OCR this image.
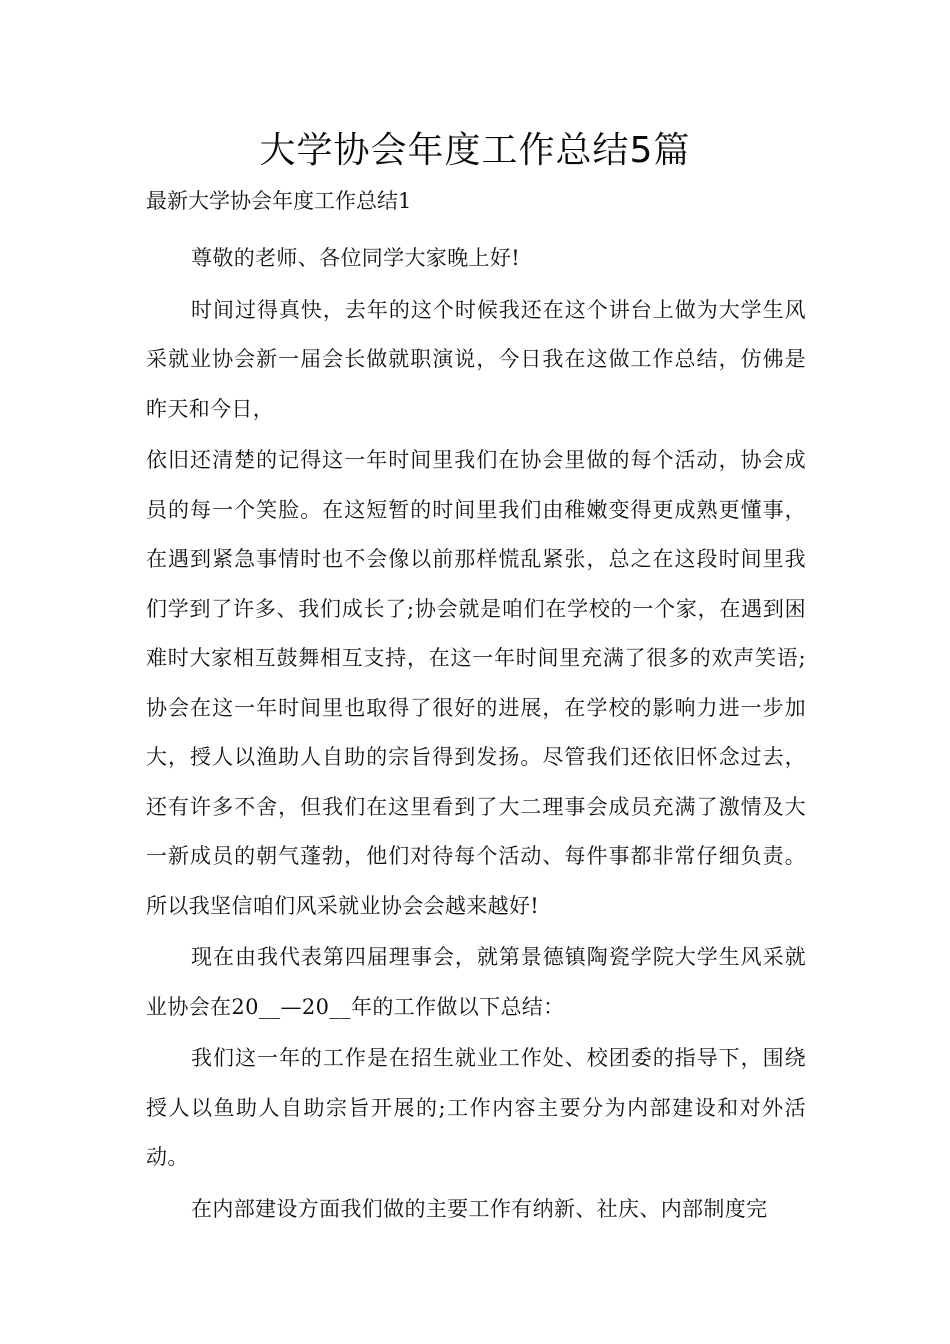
大学协会年度工作总结5篇

最新大学协会年度工作总结1

尊敬的老师、各位同学大家晚上好!

时间过得真快，去年的这个时候我还在这个讲台上做为大学生风采就业协会新一届会长做就职演说，今日我在这做工作总结，仿佛是昨天和今日，

依旧还清楚的记得这一年时间里我们在协会里做的每个活动，协会成员的每一个笑脸。在这短暂的时间里我们由稚嫩变得更成熟更懂事，在遇到紧急事情时也不会像以前那样慌乱紧张，总之在这段时间里我们学到了许多、我们成长了;协会就是咱们在学校的一个家，在遇到困难时大家相互鼓舞相互支持，在这一年时间里充满了很多的欢声笑语;协会在这一年时间里也取得了很好的进展，在学校的影响力进一步加大，授人以渔助人自助的宗旨得到发扬。尽管我们还依旧怀念过去，还有许多不舍，但我们在这里看到了大二理事会成员充满了激情及大一新成员的朝气蓬勃，他们对待每个活动、每件事都非常仔细负责。所以我坚信咱们风采就业协会会越来越好!

现在由我代表第四届理事会，就第景德镇陶瓷学院大学生风采就业协会在20__—20__年的工作做以下总结：

我们这一年的工作是在招生就业工作处、校团委的指导下，围绕授人以鱼助人自助宗旨开展的;工作内容主要分为内部建设和对外活动。

在内部建设方面我们做的主要工作有纳新、社庆、内部制度完
